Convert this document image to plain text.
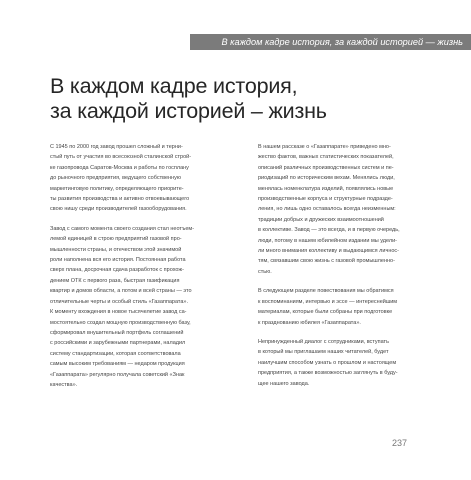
В каждом кадре история, за каждой историей — жизнь
В каждом кадре история,
за каждой историей – жизнь

С 1945 по 2000 год завод прошел сложный и терни-
стый путь от участия во всесоюзной сталинской строй-
ке газопровода Саратов-Москва и работы по госплану
до рыночного предприятия, ведущего собственную
маркетинговую политику, определяющего приорите-
ты развития производства и активно отвоевывающего
свою нишу среди производителей газооборудования.

Завод с самого момента своего создания стал неотъем-
лемой единицей в строю предприятий газовой про-
мышленности страны, и отечеством этой значимой
роли наполнена вся его история. Постоянная работа
сверх плана, досрочная сдача разработок с прохож-
дением ОТК с первого раза, быстрая газификация
квартир и домов области, а потом и всей страны — это
отличительные черты и особый стиль «Газаппарата».
К моменту вхождения в новое тысячелетие завод са-
мостоятельно создал мощную производственную базу,
сформировал внушительный портфель соглашений
с российскими и зарубежными партнерами, наладил
систему стандартизации, которая соответствовала
самым высоким требованиям — недаром продукция
«Газаппарата» регулярно получала советский «Знак
качества».

В нашем рассказе о «Газаппарате» приведено мно-
жество фактов, важных статистических показателей,
описаний различных производственных систем и пе-
риодизаций по историческим вехам. Менялись люди,
менялась номенклатура изделий, появлялись новые
производственные корпуса и структурные подразде-
ления, но лишь одно оставалось всегда неизменным:
традиции добрых и дружеских взаимоотношений
в коллективе. Завод — это всегда, и в первую очередь,
люди, потому в нашем юбилейном издании мы удели-
ли много внимания коллективу и выдающимся личнос-
тям, связавшим свою жизнь с газовой промышленно-
стью.

В следующем разделе повествования мы обратимся
к воспоминаниям, интервью и эссе — интереснейшим
материалам, которые были собраны при подготовке
к празднованию юбилея «Газаппарата».

Непринужденный диалог с сотрудниками, вступать
в который мы приглашаем наших читателей, будет
наилучшим способом узнать о прошлом и настоящем
предприятия, а также возможностью заглянуть в буду-
щее нашего завода.

237
